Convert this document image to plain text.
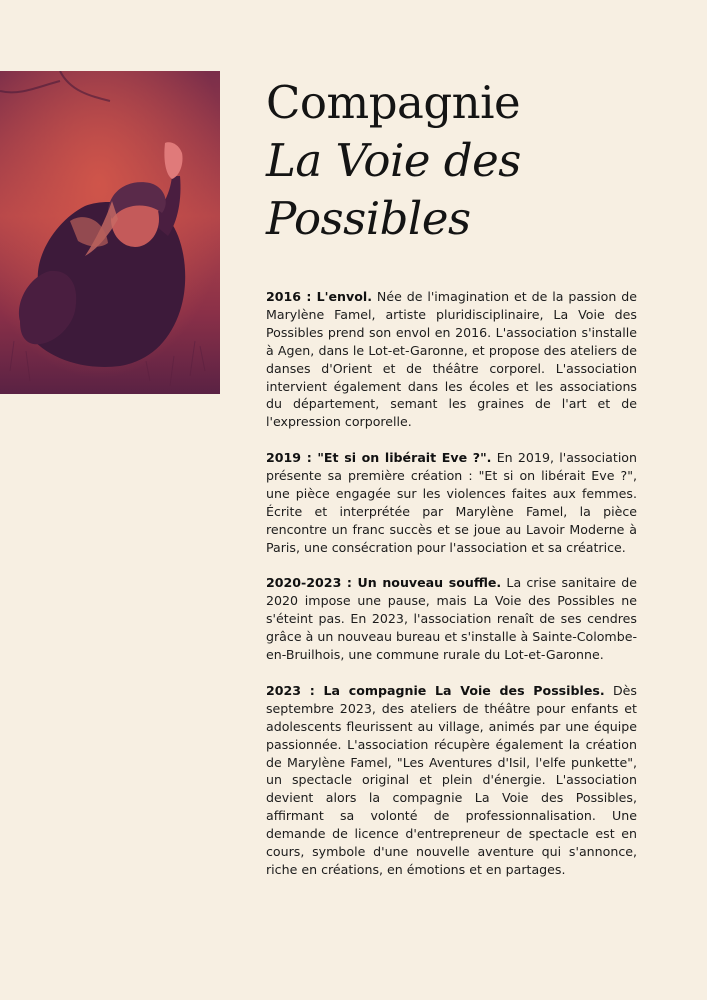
Compagnie
La Voie des
Possibles

2016 : L'envol. Née de l'imagination et de la passion de Marylène Famel, artiste pluridisciplinaire, La Voie des Possibles prend son envol en 2016. L'association s'installe à Agen, dans le Lot-et-Garonne, et propose des ateliers de danses d'Orient et de théâtre corporel. L'association intervient également dans les écoles et les associations du département, semant les graines de l'art et de l'expression corporelle.

2019 : "Et si on libérait Eve ?". En 2019, l'association présente sa première création : "Et si on libérait Eve ?", une pièce engagée sur les violences faites aux femmes. Écrite et interprétée par Marylène Famel, la pièce rencontre un franc succès et se joue au Lavoir Moderne à Paris, une consécration pour l'association et sa créatrice.

2020-2023 : Un nouveau souffle. La crise sanitaire de 2020 impose une pause, mais La Voie des Possibles ne s'éteint pas. En 2023, l'association renaît de ses cendres grâce à un nouveau bureau et s'installe à Sainte-Colombe-en-Bruilhois, une commune rurale du Lot-et-Garonne.

2023 : La compagnie La Voie des Possibles. Dès septembre 2023, des ateliers de théâtre pour enfants et adolescents fleurissent au village, animés par une équipe passionnée. L'association récupère également la création de Marylène Famel, "Les Aventures d'Isil, l'elfe punkette", un spectacle original et plein d'énergie. L'association devient alors la compagnie La Voie des Possibles, affirmant sa volonté de professionnalisation. Une demande de licence d'entrepreneur de spectacle est en cours, symbole d'une nouvelle aventure qui s'annonce, riche en créations, en émotions et en partages.
